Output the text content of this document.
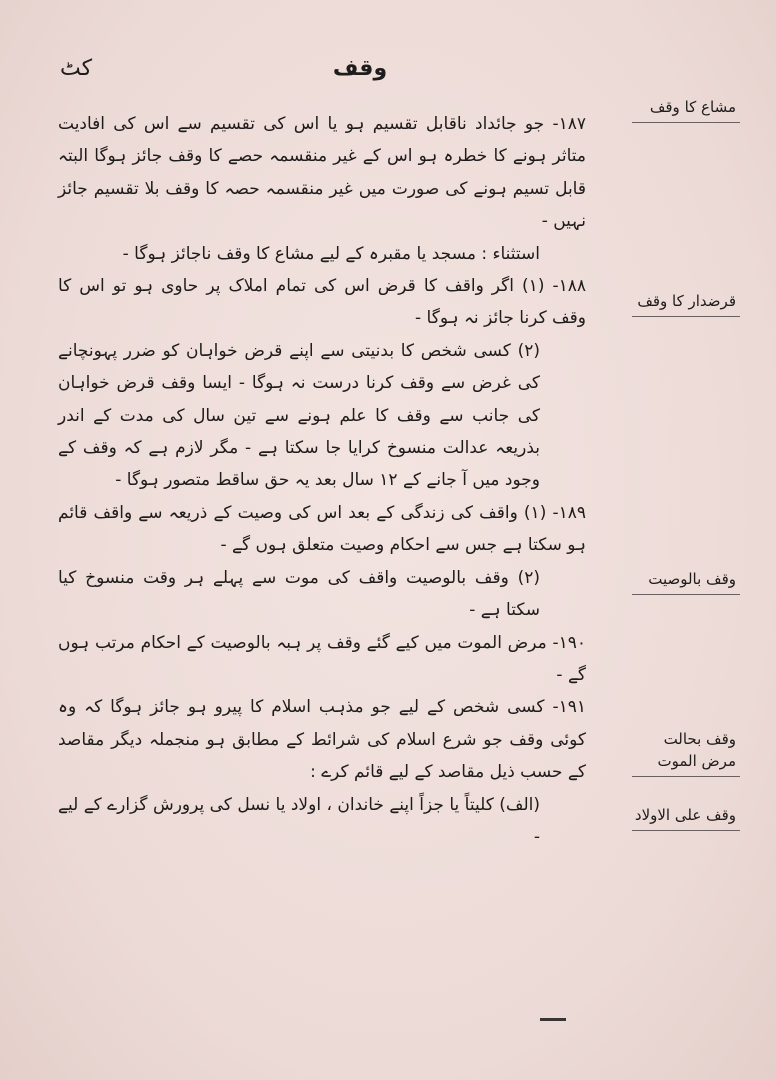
کٹ	وقف
مشاع کا وقف
قرضدار کا وقف
وقف بالوصیت
وقف بحالت مرض الموت
وقف علی الاولاد

۱۸۷- جو جائداد ناقابل تقسیم ہو یا اس کی تقسیم سے اس کی افادیت متاثر ہونے کا خطرہ ہو اس کے غیر منقسمہ حصے کا وقف جائز ہوگا البتہ قابل تسیم ہونے کی صورت میں غیر منقسمہ حصہ کا وقف بلا تقسیم جائز نہیں -

استثناء : مسجد یا مقبرہ کے لیے مشاع کا وقف ناجائز ہوگا -

۱۸۸- (۱) اگر واقف کا قرض اس کی تمام املاک پر حاوی ہو تو اس کا وقف کرنا جائز نہ ہوگا -

(۲) کسی شخص کا بدنیتی سے اپنے قرض خواہان کو ضرر پہونچانے کی غرض سے وقف کرنا درست نہ ہوگا - ایسا وقف قرض خواہان کی جانب سے وقف کا علم ہونے سے تین سال کی مدت کے اندر بذریعہ عدالت منسوخ کرایا جا سکتا ہے - مگر لازم ہے کہ وقف کے وجود میں آ جانے کے ۱۲ سال بعد یہ حق ساقط متصور ہوگا -

۱۸۹- (۱) واقف کی زندگی کے بعد اس کی وصیت کے ذریعہ سے واقف قائم ہو سکتا ہے جس سے احکام وصیت متعلق ہوں گے -

(۲) وقف بالوصیت واقف کی موت سے پہلے ہر وقت منسوخ کیا سکتا ہے -

۱۹۰- مرض الموت میں کیے گئے وقف پر ہبہ بالوصیت کے احکام مرتب ہوں گے -

۱۹۱- کسی شخص کے لیے جو مذہب اسلام کا پیرو ہو جائز ہوگا کہ وہ کوئی وقف جو شرع اسلام کی شرائط کے مطابق ہو منجملہ دیگر مقاصد کے حسب ذیل مقاصد کے لیے قائم کرے :

(الف) کلیتاً یا جزاً اپنے خاندان ، اولاد یا نسل کی پرورش گزارے کے لیے -
